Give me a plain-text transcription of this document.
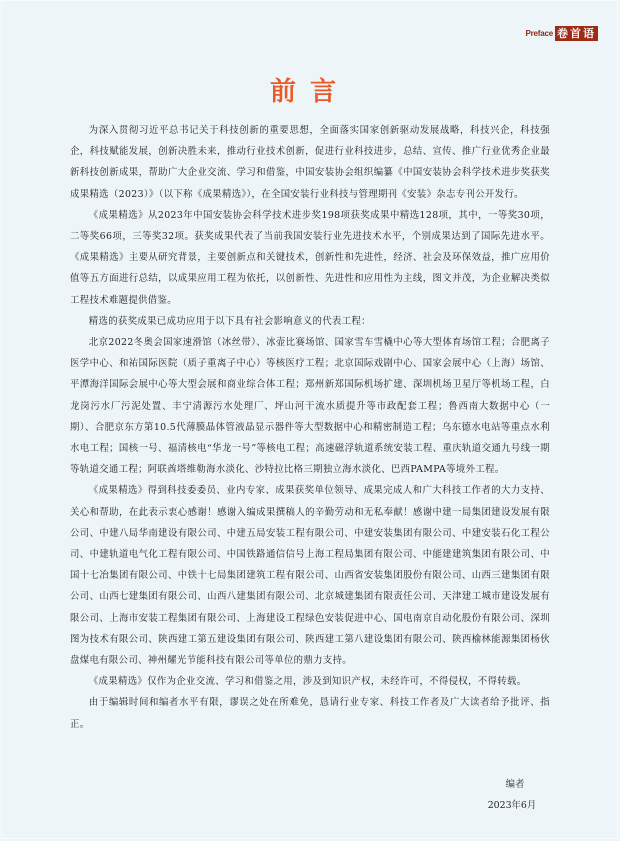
Preface 卷首语
前言

为深入贯彻习近平总书记关于科技创新的重要思想，全面落实国家创新驱动发展战略，科技兴企，科技强企，科技赋能发展，创新决胜未来，推动行业技术创新，促进行业科技进步，总结、宣传、推广行业优秀企业最新科技创新成果，帮助广大企业交流、学习和借鉴，中国安装协会组织编纂《中国安装协会科学技术进步奖获奖成果精选（2023）》（以下称《成果精选》），在全国安装行业科技与管理期刊《安装》杂志专刊公开发行。

《成果精选》从2023年中国安装协会科学技术进步奖198项获奖成果中精选128项，其中，一等奖30项，二等奖66项，三等奖32项。获奖成果代表了当前我国安装行业先进技术水平，个别成果达到了国际先进水平。《成果精选》主要从研究背景，主要创新点和关键技术，创新性和先进性，经济、社会及环保效益，推广应用价值等五方面进行总结，以成果应用工程为依托，以创新性、先进性和应用性为主线，图文并茂，为企业解决类似工程技术难题提供借鉴。

精选的获奖成果已成功应用于以下具有社会影响意义的代表工程：

北京2022冬奥会国家速滑馆（冰丝带）、冰壶比赛场馆、国家雪车雪橇中心等大型体育场馆工程；合肥离子医学中心、和祐国际医院（质子重离子中心）等核医疗工程；北京国际戏剧中心、国家会展中心（上海）场馆、平潭海洋国际会展中心等大型会展和商业综合体工程；郑州新郑国际机场扩建、深圳机场卫星厅等机场工程，白龙岗污水厂污泥处置、丰宁清源污水处理厂、坪山河干流水质提升等市政配套工程；鲁西南大数据中心（一期）、合肥京东方第10.5代薄膜晶体管液晶显示器件等大型数据中心和精密制造工程；乌东德水电站等重点水利水电工程；国核一号、福清核电“华龙一号”等核电工程；高速磁浮轨道系统安装工程、重庆轨道交通九号线一期等轨道交通工程；阿联酋塔维勒海水淡化、沙特拉比格三期独立海水淡化、巴西PAMPA等境外工程。

《成果精选》得到科技委委员、业内专家、成果获奖单位领导、成果完成人和广大科技工作者的大力支持、关心和帮助，在此表示衷心感谢！感谢入编成果撰稿人的辛勤劳动和无私奉献！感谢中建一局集团建设发展有限公司、中建八局华南建设有限公司、中建五局安装工程有限公司、中建安装集团有限公司、中建安装石化工程公司、中建轨道电气化工程有限公司、中国铁路通信信号上海工程局集团有限公司、中能建建筑集团有限公司、中国十七冶集团有限公司、中铁十七局集团建筑工程有限公司、山西省安装集团股份有限公司、山西三建集团有限公司、山西七建集团有限公司、山西八建集团有限公司、北京城建集团有限责任公司、天津建工城市建设发展有限公司、上海市安装工程集团有限公司、上海建设工程绿色安装促进中心、国电南京自动化股份有限公司、深圳图为技术有限公司、陕西建工第五建设集团有限公司、陕西建工第八建设集团有限公司、陕西榆林能源集团杨伙盘煤电有限公司、神州耀光节能科技有限公司等单位的鼎力支持。

《成果精选》仅作为企业交流、学习和借鉴之用，涉及到知识产权，未经许可，不得侵权，不得转载。

由于编辑时间和编者水平有限，谬误之处在所难免，恳请行业专家、科技工作者及广大读者给予批评、指正。

编者
2023年6月
